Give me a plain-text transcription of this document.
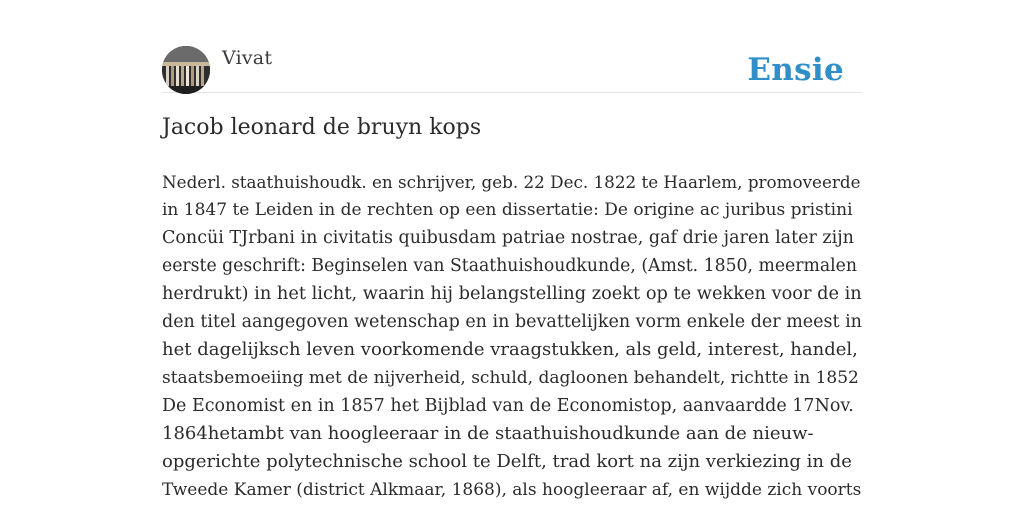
Vivat	Ensie
Jacob leonard de bruyn kops

Nederl. staathuishoudk. en schrijver, geb. 22 Dec. 1822 te Haarlem, promoveerde
in 1847 te Leiden in de rechten op een dissertatie: De origine ac juribus pristini
Concüi TJrbani in civitatis quibusdam patriae nostrae, gaf drie jaren later zijn
eerste geschrift: Beginselen van Staathuishoudkunde, (Amst. 1850, meermalen
herdrukt) in het licht, waarin hij belangstelling zoekt op te wekken voor de in
den titel aangegoven wetenschap en in bevattelijken vorm enkele der meest in
het dagelijksch leven voorkomende vraagstukken, als geld, interest, handel,
staatsbemoeiing met de nijverheid, schuld, dagloonen behandelt, richtte in 1852
De Economist en in 1857 het Bijblad van de Economistop, aanvaardde 17Nov.
1864hetambt van hoogleeraar in de staathuishoudkunde aan de nieuw-
opgerichte polytechnische school te Delft, trad kort na zijn verkiezing in de
Tweede Kamer (district Alkmaar, 1868), als hoogleeraar af, en wijdde zich voorts
